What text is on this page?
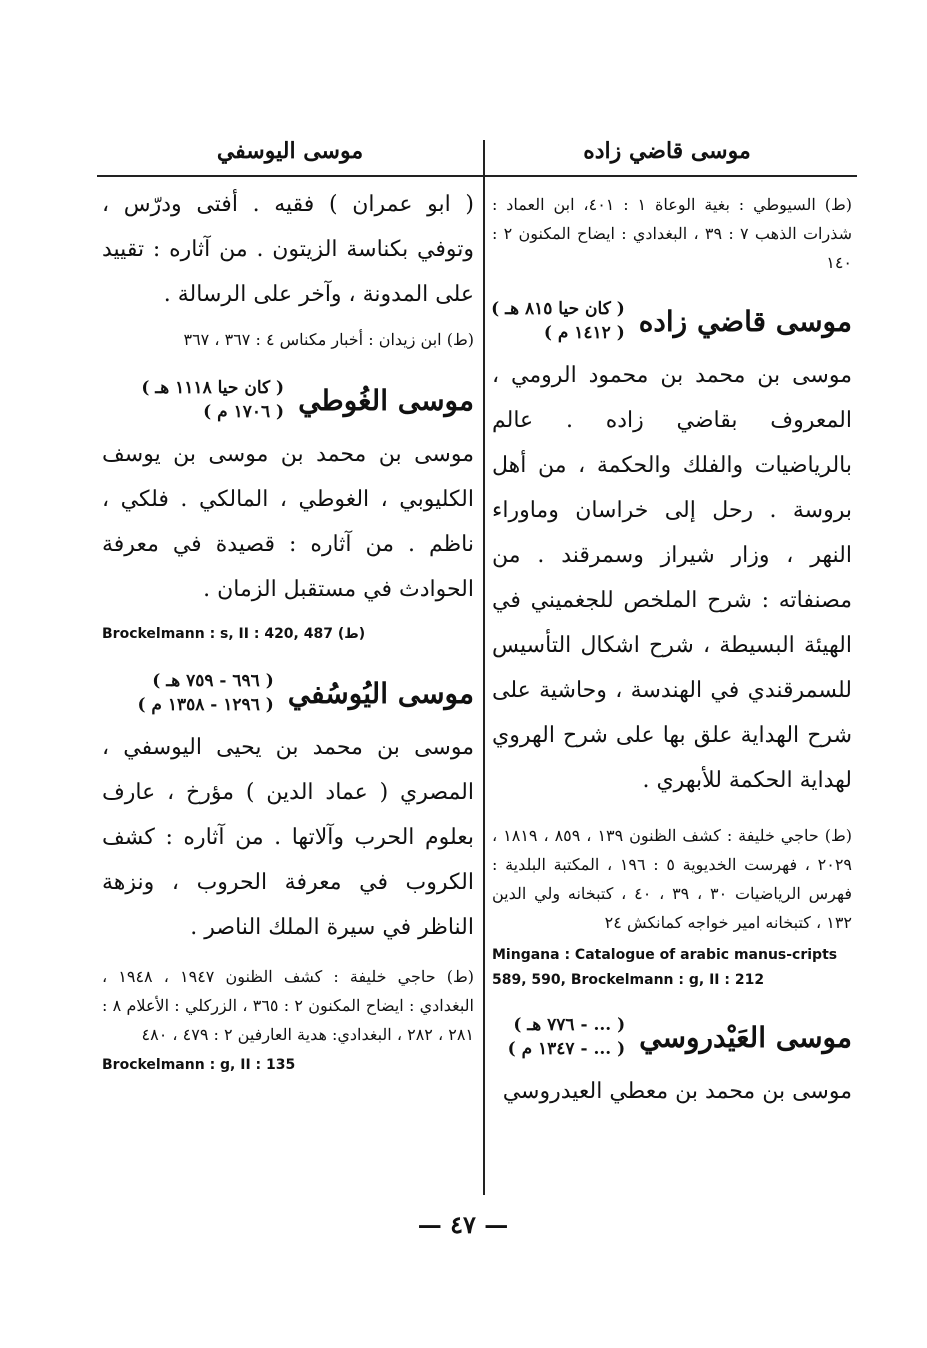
موسى قاضي زاده
موسى اليوسفي

(ط) السيوطي : بغية الوعاة ١ : ٤٠١، ابن العماد : شذرات الذهب ٧ : ٣٩ ، البغدادي : ايضاح المكنون ٢ : ١٤٠

موسى قاضي زاده
( كان حيا ٨١٥ هـ )
( ١٤١٢ م )

موسى بن محمد بن محمود الرومي ، المعروف بقاضي زاده . عالم بالرياضيات والفلك والحكمة ، من أهل بروسة . رحل إلى خراسان وماوراء النهر ، وزار شيراز وسمرقند . من مصنفاته : شرح الملخص للجغميني في الهيئة البسيطة ، شرح اشكال التأسيس للسمرقندي في الهندسة ، وحاشية على شرح الهداية علق بها على شرح الهروي لهداية الحكمة للأبهري .

(ط) حاجي خليفة : كشف الظنون ١٣٩ ، ٨٥٩ ، ١٨١٩ ، ٢٠٢٩ ، فهرست الخديوية ٥ : ١٩٦ ، المكتبة البلدية : فهرس الرياضيات ٣٠ ، ٣٩ ، ٤٠ ، كتبخانه ولي الدين ١٣٢ ، كتبخانه امير خواجه كمانكش ٢٤

Mingana : Catalogue of arabic manus-cripts 589, 590, Brockelmann : g, II : 212

موسى العَيْدروسي
( ... - ٧٧٦ هـ )
( ... - ١٣٤٧ م )

موسى بن محمد بن معطي العيدروسي

( ابو عمران ) فقيه . أفتى ودرّس ، وتوفي بكناسة الزيتون . من آثاره : تقييد على المدونة ، وآخر على الرسالة .

(ط) ابن زيدان : أخبار مكناس ٤ : ٣٦٧ ، ٣٦٧

موسى الغُوطي
( كان حيا ١١١٨ هـ )
( ١٧٠٦ م )

موسى بن محمد بن موسى بن يوسف الكليوبي ، الغوطي ، المالكي . فلكي ، ناظم . من آثاره : قصيدة في معرفة الحوادث في مستقبل الزمان .

Brockelmann : s, II : 420, 487 (ط)

موسى اليُوسُفي
( ٦٩٦ - ٧٥٩ هـ )
( ١٢٩٦ - ١٣٥٨ م )

موسى بن محمد بن يحيى اليوسفي ، المصري ( عماد الدين ) مؤرخ ، عارف بعلوم الحرب وآلاتها . من آثاره : كشف الكروب في معرفة الحروب ، ونزهة الناظر في سيرة الملك الناصر .

(ط) حاجي خليفة : كشف الظنون ١٩٤٧ ، ١٩٤٨ ، البغدادي : ايضاح المكنون ٢ : ٣٦٥ ، الزركلي : الأعلام ٨ : ٢٨١ ، ٢٨٢ ، البغدادي: هدية العارفين ٢ : ٤٧٩ ، ٤٨٠

Brockelmann : g, II : 135

— ٤٧ —
